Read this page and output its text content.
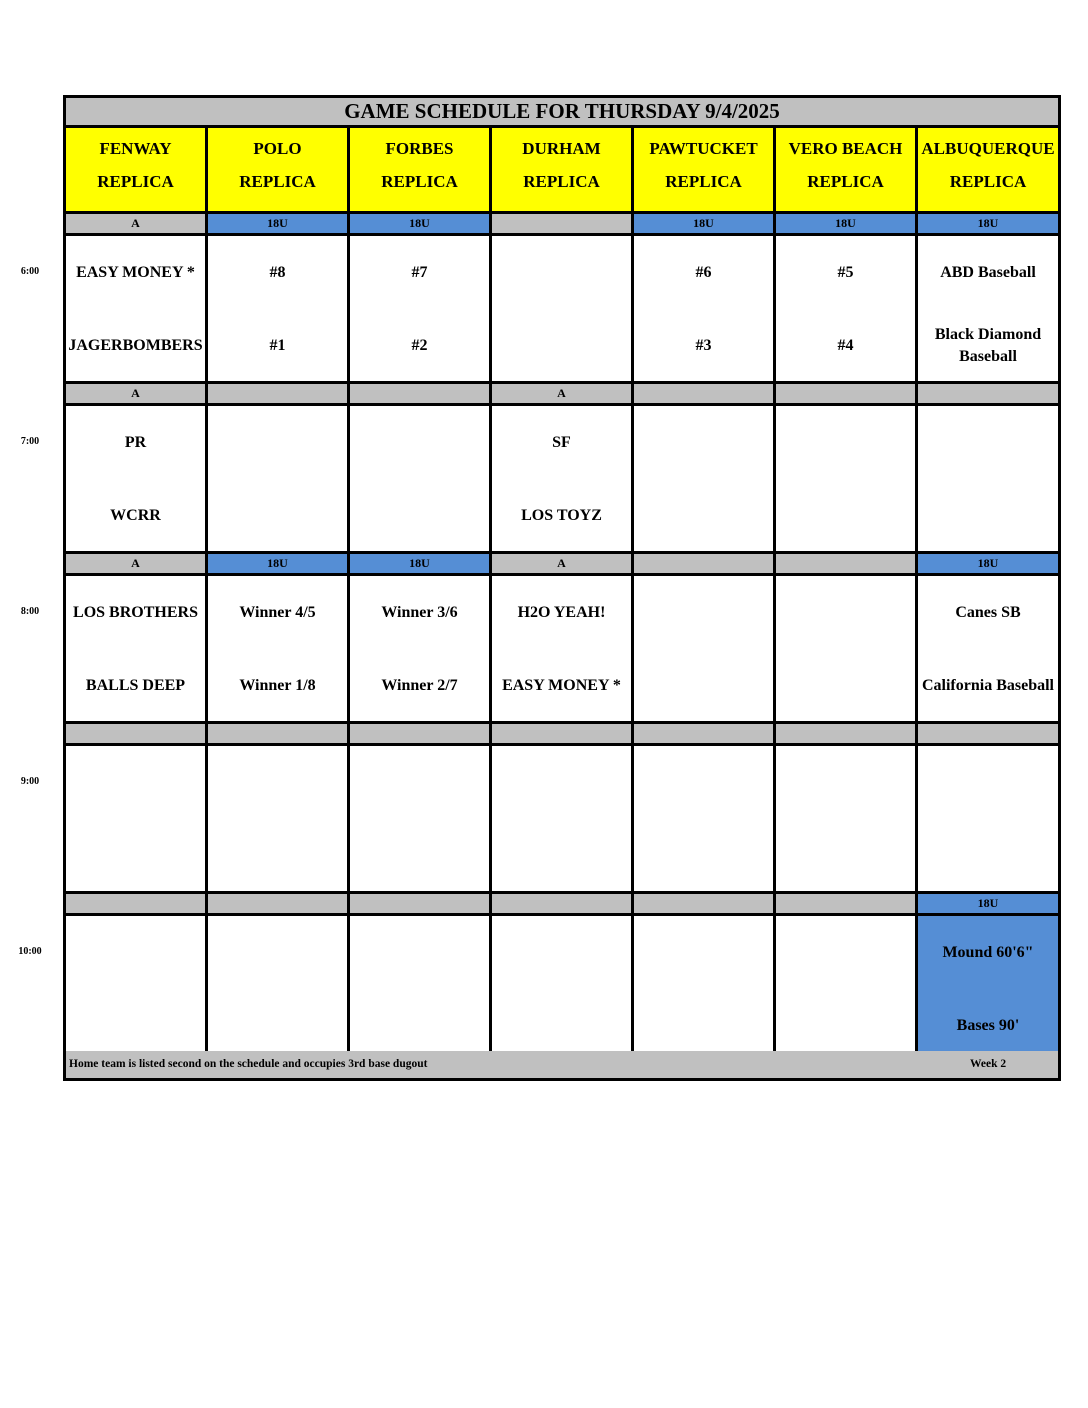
6:00
7:00
8:00
9:00
10:00
GAME SCHEDULE FOR THURSDAY 9/4/2025
FENWAY
REPLICA
POLO
REPLICA
FORBES
REPLICA
DURHAM
REPLICA
PAWTUCKET
REPLICA
VERO BEACH
REPLICA
ALBUQUERQUE
REPLICA
A
EASY MONEY *
JAGERBOMBERS
18U
#8
#1
18U
#7
#2
18U
#6
#3
18U
#5
#4
18U
ABD Baseball
Black Diamond Baseball
A
PR
WCRR
A
SF
LOS TOYZ
A
LOS BROTHERS
BALLS DEEP
18U
Winner 4/5
Winner 1/8
18U
Winner 3/6
Winner 2/7
A
H2O YEAH!
EASY MONEY *
18U
Canes SB
California Baseball
18U
Mound 60'6"
Bases 90'
Home team is listed second on the schedule and occupies 3rd base dugout	Week 2
